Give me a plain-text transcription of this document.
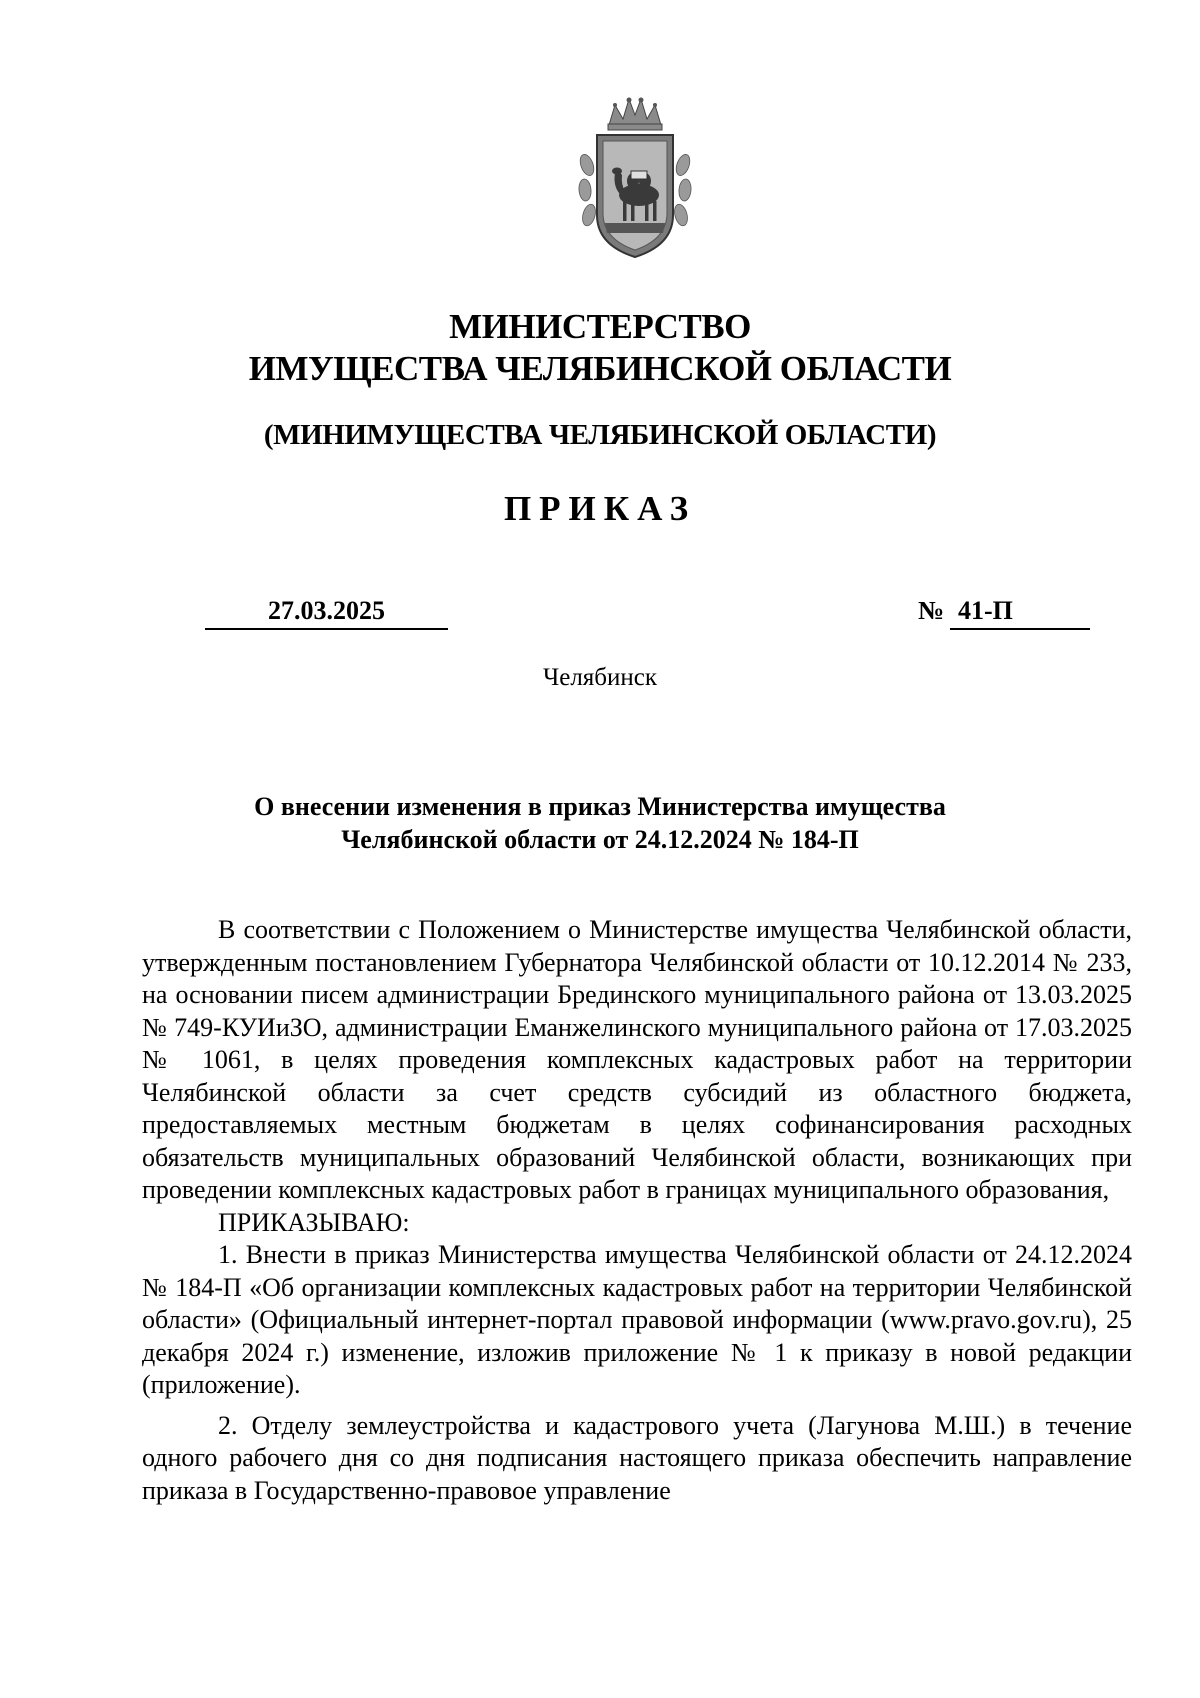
МИНИСТЕРСТВО
ИМУЩЕСТВА ЧЕЛЯБИНСКОЙ ОБЛАСТИ
(МИНИМУЩЕСТВА ЧЕЛЯБИНСКОЙ ОБЛАСТИ)
ПРИКАЗ
27.03.2025	№ 41-П
Челябинск
О внесении изменения в приказ Министерства имущества
Челябинской области от 24.12.2024 № 184-П

В соответствии с Положением о Министерстве имущества Челябинской области, утвержденным постановлением Губернатора Челябинской области от 10.12.2014 № 233, на основании писем администрации Брединского муниципального района от 13.03.2025 № 749-КУИиЗО, администрации Еманжелинского муниципального района от 17.03.2025 № 1061, в целях проведения комплексных кадастровых работ на территории Челябинской области за счет средств субсидий из областного бюджета, предоставляемых местным бюджетам в целях софинансирования расходных обязательств муниципальных образований Челябинской области, возникающих при проведении комплексных кадастровых работ в границах муниципального образования,

ПРИКАЗЫВАЮ:

1. Внести в приказ Министерства имущества Челябинской области от 24.12.2024 № 184-П «Об организации комплексных кадастровых работ на территории Челябинской области» (Официальный интернет-портал правовой информации (www.pravo.gov.ru), 25 декабря 2024 г.) изменение, изложив приложение № 1 к приказу в новой редакции (приложение).

2. Отделу землеустройства и кадастрового учета (Лагунова М.Ш.) в течение одного рабочего дня со дня подписания настоящего приказа обеспечить направление приказа в Государственно-правовое управление
